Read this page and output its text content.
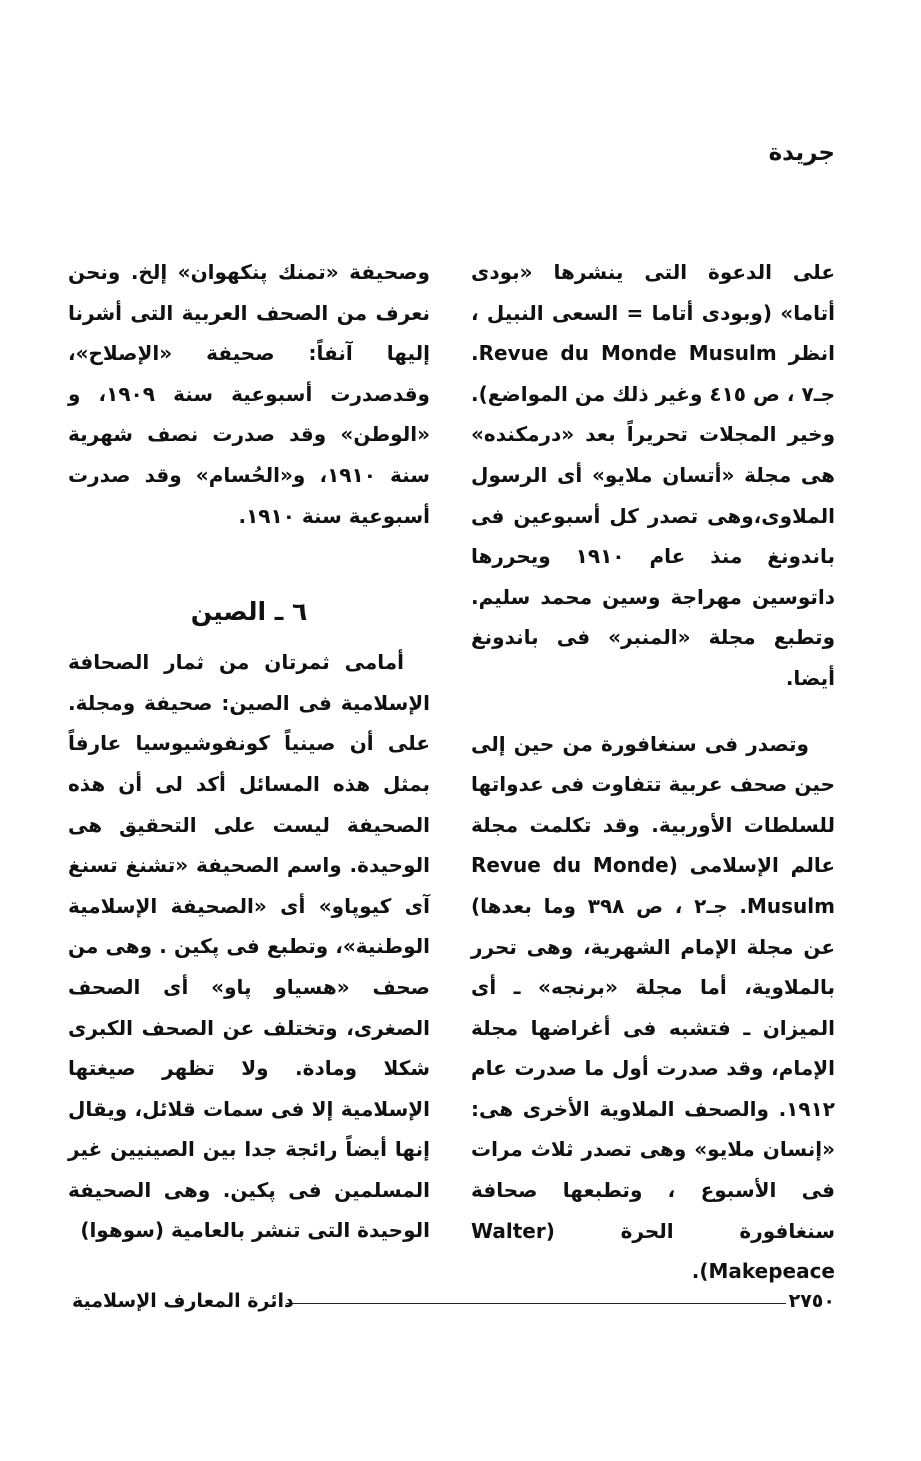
جريدة

على الدعوة التى ينشرها «بودى أتاما» (وبودى أتاما = السعى النبيل ، انظر Revue du Monde Musulm. جـ٧ ، ص ٤١٥ وغير ذلك من المواضع). وخير المجلات تحريراً بعد «درمكنده» هى مجلة «أتسان ملايو» أى الرسول الملاوى،وهى تصدر كل أسبوعين فى باندونغ منذ عام ١٩١٠ ويحررها داتوسين مهراجة وسين محمد سليم. وتطبع مجلة «المنبر» فى باندونغ أيضا.

وتصدر فى سنغافورة من حين إلى حين صحف عربية تتفاوت فى عدواتها للسلطات الأوربية. وقد تكلمت مجلة عالم الإسلامى (Revue du Monde Musulm. جـ٢ ، ص ٣٩٨ وما بعدها) عن مجلة الإمام الشهرية، وهى تحرر بالملاوية، أما مجلة «برنجه» ـ أى الميزان ـ فتشبه فى أغراضها مجلة الإمام، وقد صدرت أول ما صدرت عام ١٩١٢. والصحف الملاوية الأخرى هى: «إنسان ملايو» وهى تصدر ثلاث مرات فى الأسبوع ، وتطبعها صحافة سنغافورة الحرة (Walter Makepeace).

وصحيفة «تمنك پنكهوان» إلخ. ونحن نعرف من الصحف العربية التى أشرنا إليها آنفاً: صحيفة «الإصلاح»، وقدصدرت أسبوعية سنة ١٩٠٩، و «الوطن» وقد صدرت نصف شهرية سنة ١٩١٠، و«الحُسام» وقد صدرت أسبوعية سنة ١٩١٠.

٦ ـ الصين

أمامى ثمرتان من ثمار الصحافة الإسلامية فى الصين: صحيفة ومجلة. على أن صينياً كونفوشيوسيا عارفاً بمثل هذه المسائل أكد لى أن هذه الصحيفة ليست على التحقيق هى الوحيدة. واسم الصحيفة «تشنغ تسنغ آى كيوپاو» أى «الصحيفة الإسلامية الوطنية»، وتطبع فى پكين . وهى من صحف «هسياو پاو» أى الصحف الصغرى، وتختلف عن الصحف الكبرى شكلا ومادة. ولا تظهر صيغتها الإسلامية إلا فى سمات قلائل، ويقال إنها أيضاً رائجة جدا بين الصينيين غير المسلمين فى پكين. وهى الصحيفة الوحيدة التى تنشر بالعامية (سوهوا)

٢٧٥٠
دائرة المعارف الإسلامية
